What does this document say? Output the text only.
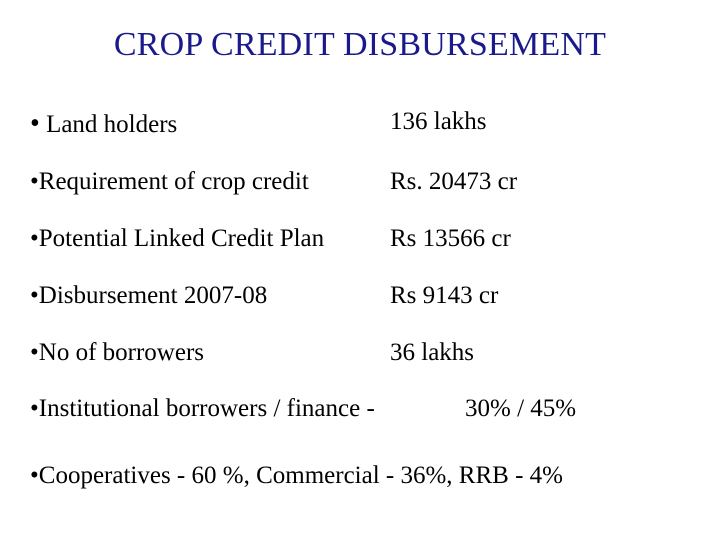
CROP CREDIT DISBURSEMENT
• Land holders	136 lakhs
•Requirement of crop credit	Rs. 20473 cr
•Potential Linked Credit Plan	Rs 13566 cr
•Disbursement 2007-08	Rs 9143 cr
•No of borrowers	36 lakhs
•Institutional borrowers / finance -	30% / 45%
•Cooperatives - 60 %, Commercial - 36%, RRB - 4%
